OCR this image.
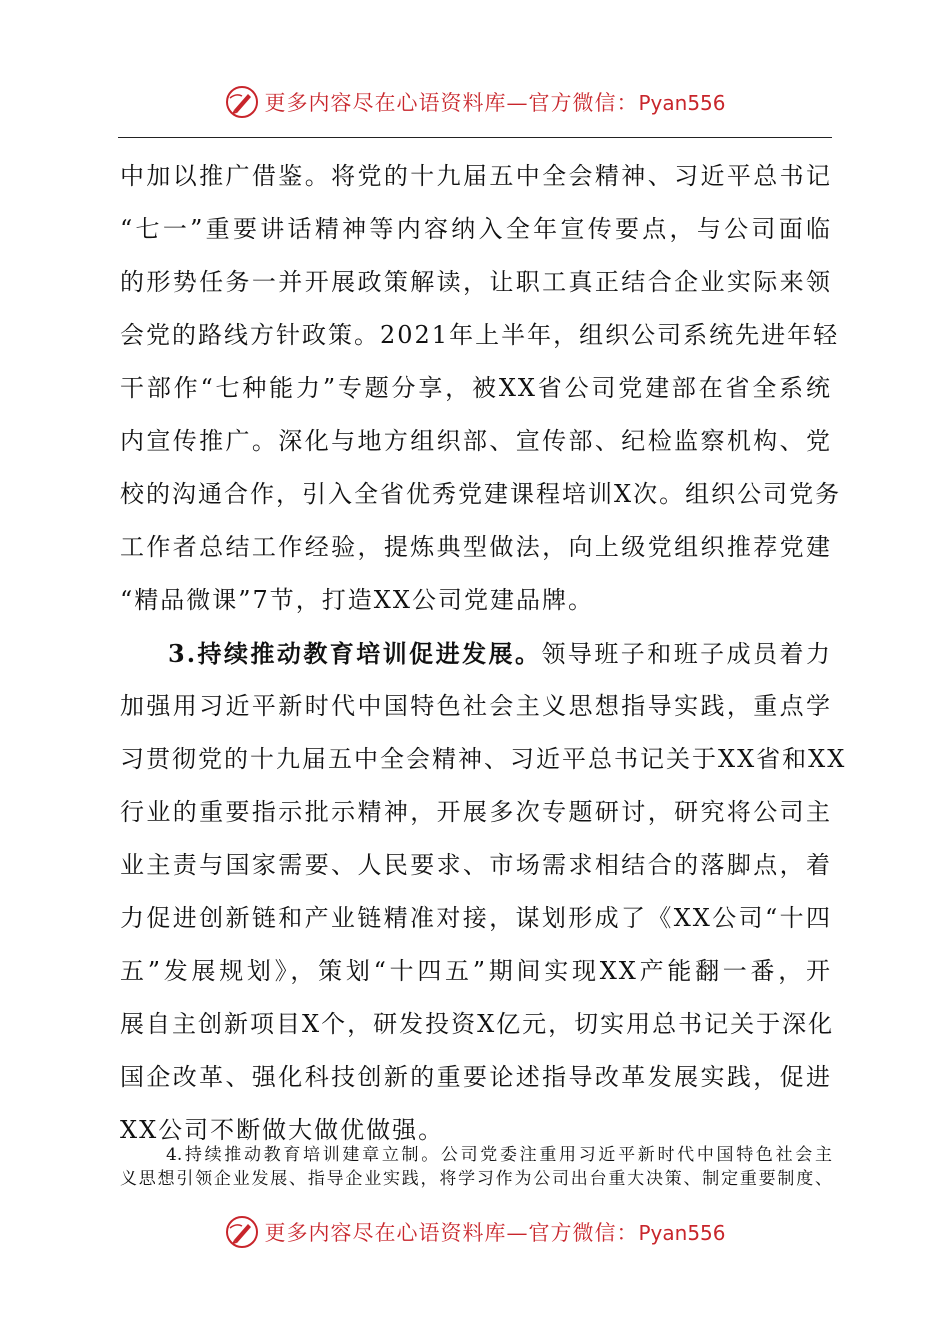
更多内容尽在心语资料库—官方微信：Pyan556
中加以推广借鉴。将党的十九届五中全会精神、习近平总书记
“七一”重要讲话精神等内容纳入全年宣传要点，与公司面临
的形势任务一并开展政策解读，让职工真正结合企业实际来领
会党的路线方针政策。2021年上半年，组织公司系统先进年轻
干部作“七种能力”专题分享，被XX省公司党建部在省全系统
内宣传推广。深化与地方组织部、宣传部、纪检监察机构、党
校的沟通合作，引入全省优秀党建课程培训X次。组织公司党务
工作者总结工作经验，提炼典型做法，向上级党组织推荐党建
“精品微课”7节，打造XX公司党建品牌。
3.持续推动教育培训促进发展。领导班子和班子成员着力
加强用习近平新时代中国特色社会主义思想指导实践，重点学
习贯彻党的十九届五中全会精神、习近平总书记关于XX省和XX
行业的重要指示批示精神，开展多次专题研讨，研究将公司主
业主责与国家需要、人民要求、市场需求相结合的落脚点，着
力促进创新链和产业链精准对接，谋划形成了《XX公司“十四
五”发展规划》，策划“十四五”期间实现XX产能翻一番，开
展自主创新项目X个，研发投资X亿元，切实用总书记关于深化
国企改革、强化科技创新的重要论述指导改革发展实践，促进
XX公司不断做大做优做强。
4.持续推动教育培训建章立制。公司党委注重用习近平新时代中国特色社会主
义思想引领企业发展、指导企业实践，将学习作为公司出台重大决策、制定重要制度、
更多内容尽在心语资料库—官方微信：Pyan556
